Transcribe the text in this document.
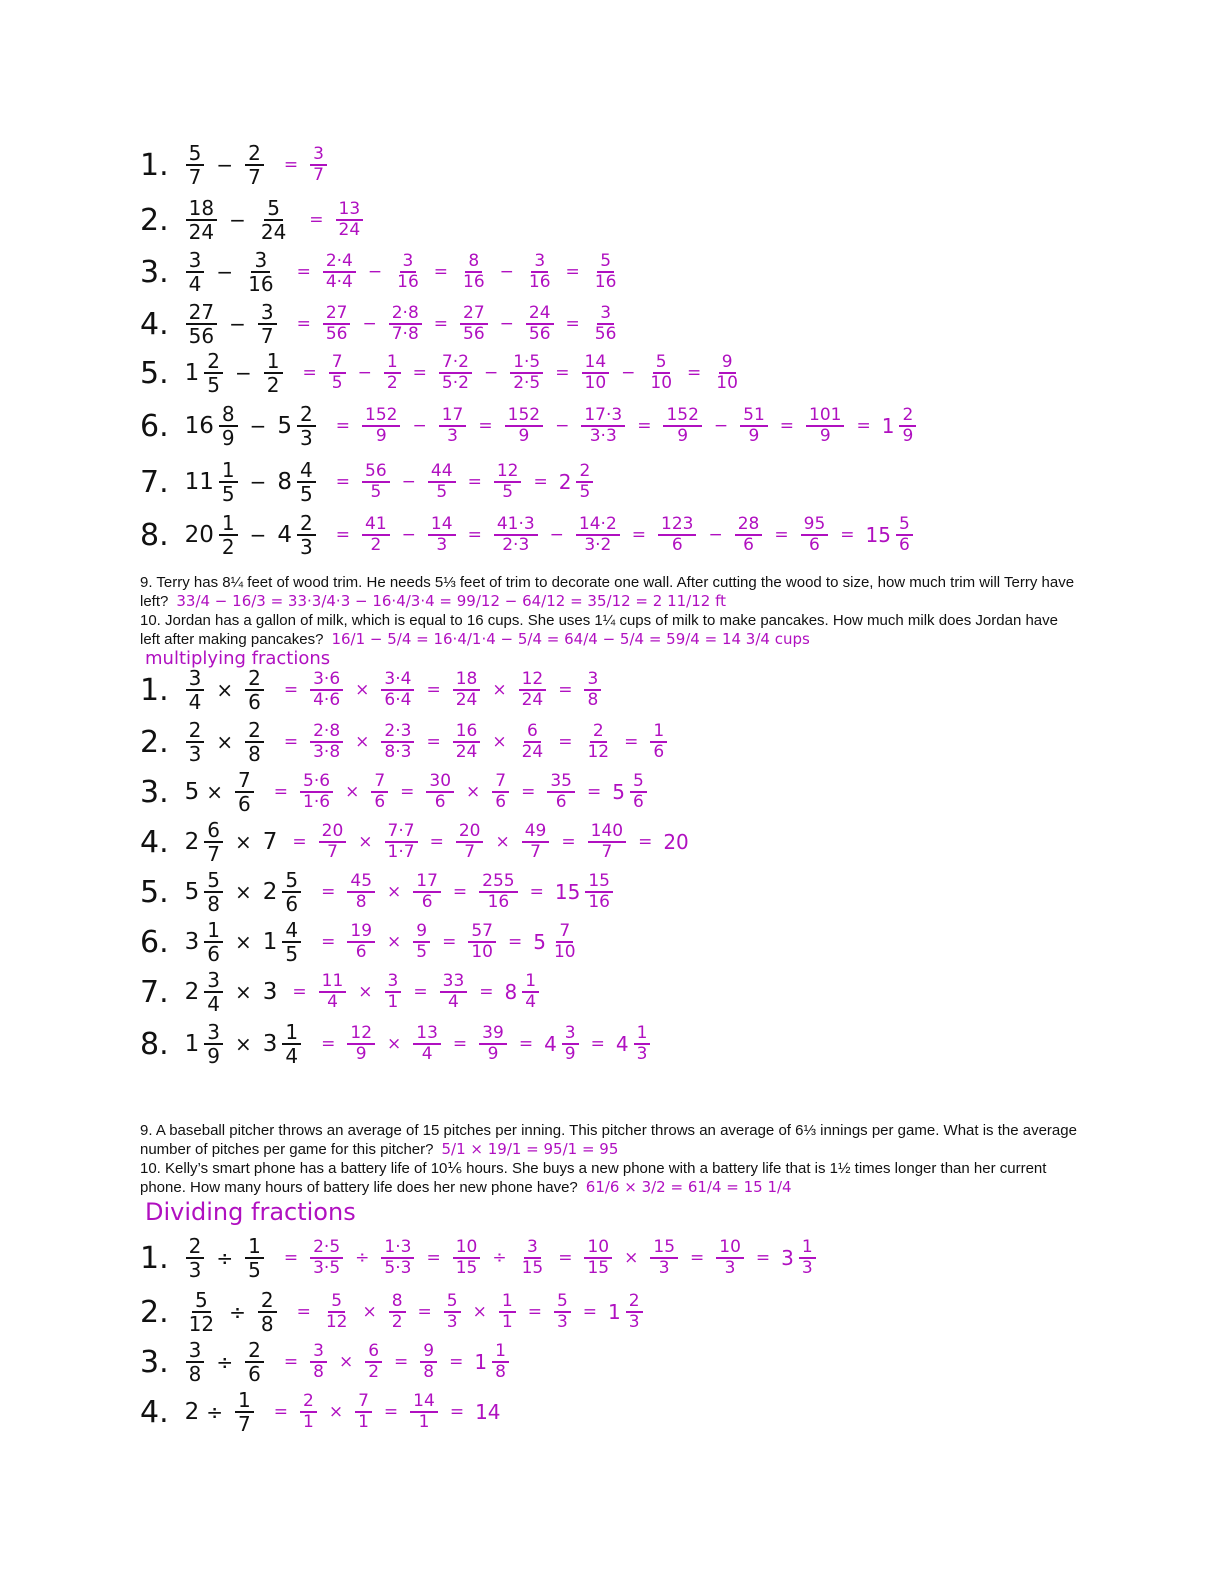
1. $\frac{5}{7} - \frac{2}{7} = \frac{3}{7}$
2. $\frac{18}{24} - \frac{5}{24} = \frac{13}{24}$
3. $\frac{3}{4} - \frac{3}{16} = \frac{2\cdot 4}{4\cdot 4} - \frac{3}{16} = \frac{8}{16} - \frac{3}{16} = \frac{5}{16}$
4. $\frac{27}{56} - \frac{3}{7} = \frac{27}{56} - \frac{2\cdot 8}{7\cdot 8} = \frac{27}{56} - \frac{24}{56} = \frac{3}{56}$
5. $1 \frac{2}{5} - \frac{1}{2} = \frac{7}{5} - \frac{1}{2} = \frac{7\cdot 2}{5\cdot 2} - \frac{1\cdot 5}{2\cdot 5} = \frac{14}{10} - \frac{5}{10} = \frac{9}{10}$
6. $16 \frac{8}{9} - 5 \frac{2}{3} = \frac{152}{9} - \frac{17}{3} = \frac{152}{9} - \frac{17\cdot 3}{3\cdot 3} = \frac{152}{9} - \frac{51}{9} = \frac{101}{9} = 1 \frac{2}{9}$
7. $11 \frac{1}{5} - 8 \frac{4}{5} = \frac{56}{5} - \frac{44}{5} = \frac{12}{5} = 2 \frac{2}{5}$
8. $20 \frac{1}{2} - 4 \frac{2}{3} = \frac{41}{2} - \frac{14}{3} = \frac{41\cdot 3}{2\cdot 3} - \frac{14\cdot 2}{3\cdot 2} = \frac{123}{6} - \frac{28}{6} = \frac{95}{6} = 15 \frac{5}{6}$
9. Terry has 8¼ feet of wood trim. He needs 5⅓ feet of trim to decorate one wall. After cutting the wood to size, how much trim will Terry have left? 33/4 − 16/3 = 33·3/4·3 − 16·4/3·4 = 99/12 − 64/12 = 35/12 = 2 11/12 ft
10. Jordan has a gallon of milk, which is equal to 16 cups. She uses 1¼ cups of milk to make pancakes. How much milk does Jordan have left after making pancakes? 16/1 − 5/4 = 16·4/1·4 − 5/4 = 64/4 − 5/4 = 59/4 = 14 3/4 cups
multiplying fractions
1. $\frac{3}{4} \times \frac{2}{6} = \frac{3\cdot 6}{4\cdot 6} \times \frac{3\cdot 4}{6\cdot 4} = \frac{18}{24} \times \frac{12}{24} = \frac{3}{8}$
2. $\frac{2}{3} \times \frac{2}{8} = \frac{2\cdot 8}{3\cdot 8} \times \frac{2\cdot 3}{8\cdot 3} = \frac{16}{24} \times \frac{6}{24} = \frac{2}{12} = \frac{1}{6}$
3. $5 \times \frac{7}{6} = \frac{5\cdot 6}{1\cdot 6} \times \frac{7}{6} = \frac{30}{6} \times \frac{7}{6} = \frac{35}{6} = 5 \frac{5}{6}$
4. $2 \frac{6}{7} \times 7 = \frac{20}{7} \times \frac{7\cdot 7}{1\cdot 7} = \frac{20}{7} \times \frac{49}{7} = \frac{140}{7} = 20$
5. $5 \frac{5}{8} \times 2 \frac{5}{6} = \frac{45}{8} \times \frac{17}{6} = \frac{255}{16} = 15 \frac{15}{16}$
6. $3 \frac{1}{6} \times 1 \frac{4}{5} = \frac{19}{6} \times \frac{9}{5} = \frac{57}{10} = 5 \frac{7}{10}$
7. $2 \frac{3}{4} \times 3 = \frac{11}{4} \times \frac{3}{1} = \frac{33}{4} = 8 \frac{1}{4}$
8. $1 \frac{3}{9} \times 3 \frac{1}{4} = \frac{12}{9} \times \frac{13}{4} = \frac{39}{9} = 4 \frac{3}{9} = 4 \frac{1}{3}$
9. A baseball pitcher throws an average of 15 pitches per inning. This pitcher throws an average of 6⅓ innings per game. What is the average number of pitches per game for this pitcher? 5/1 × 19/1 = 95/1 = 95
10. Kelly’s smart phone has a battery life of 10⅙ hours. She buys a new phone with a battery life that is 1½ times longer than her current phone. How many hours of battery life does her new phone have? 61/6 × 3/2 = 61/4 = 15 1/4
Dividing fractions
1. $\frac{2}{3} \div \frac{1}{5} = \frac{2\cdot 5}{3\cdot 5} \div \frac{1\cdot 3}{5\cdot 3} = \frac{10}{15} \div \frac{3}{15} = \frac{10}{15} \times \frac{15}{3} = \frac{10}{3} = 3 \frac{1}{3}$
2. $\frac{5}{12} \div \frac{2}{8} = \frac{5}{12} \times \frac{8}{2} = \frac{5}{3} \times \frac{1}{1} = \frac{5}{3} = 1 \frac{2}{3}$
3. $\frac{3}{8} \div \frac{2}{6} = \frac{3}{8} \times \frac{6}{2} = \frac{9}{8} = 1 \frac{1}{8}$
4. $2 \div \frac{1}{7} = \frac{2}{1} \times \frac{7}{1} = \frac{14}{1} = 14$
